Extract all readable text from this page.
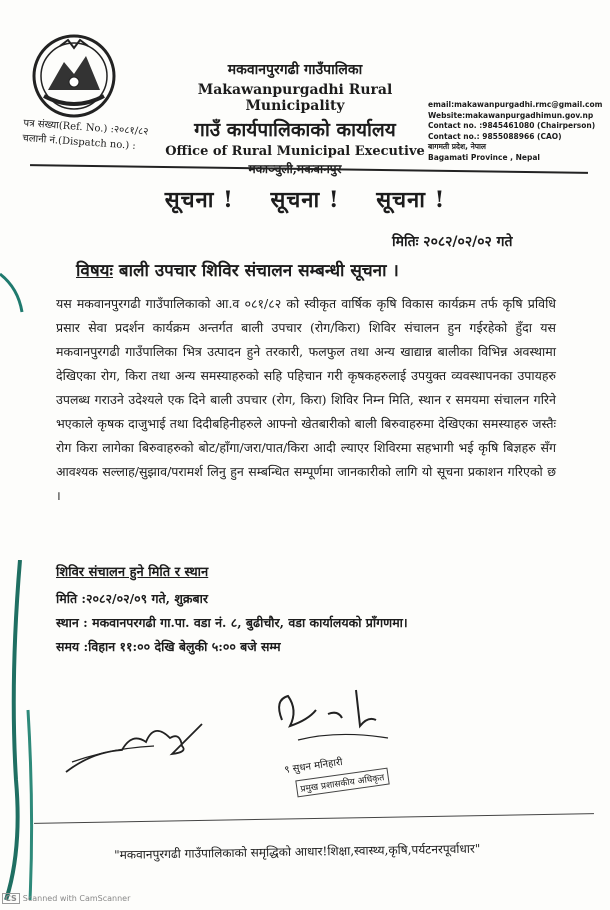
पत्र संख्या(Ref. No.) :२०८१/८२
चलानी नं.(Dispatch no.) :
मकवानपुरगढी गाउँपालिका
Makawanpurgadhi Rural Municipality
गाउँ कार्यपालिकाको कार्यालय
Office of Rural Municipal Executive
email:makawanpurgadhi.rmc@gmail.com
Website:makawanpurgadhimun.gov.np
Contact no. :9845461080 (Chairperson)
Contact no.: 9855088966 (CAO)
बागमती प्रदेश, नेपाल
Bagamati Province , Nepal
सूचना ! सूचना ! सूचना !
मितिः २०८२/०२/०२ गते
विषयः बाली उपचार शिविर संचालन सम्बन्धी सूचना ।
यस मकवानपुरगढी गाउँपालिकाको आ.व ०८१/८२ को स्वीकृत वार्षिक कृषि विकास कार्यक्रम तर्फ कृषि प्रविधि प्रसार सेवा प्रदर्शन कार्यक्रम अन्तर्गत बाली उपचार (रोग/किरा) शिविर संचालन हुन गईरहेको हुँदा यस मकवानपुरगढी गाउँपालिका भित्र उत्पादन हुने तरकारी, फलफुल तथा अन्य खाद्यान्न बालीका विभिन्न अवस्थामा देखिएका रोग, किरा तथा अन्य समस्याहरुको सहि पहिचान गरी कृषकहरुलाई उपयुक्त व्यवस्थापनका उपायहरु उपलब्ध गराउने उदेश्यले एक दिने बाली उपचार (रोग, किरा) शिविर निम्न मिति, स्थान र समयमा संचालन गरिने भएकाले कृषक दाजुभाई तथा दिदीबहिनीहरुले आफ्नो खेतबारीको बाली बिरुवाहरुमा देखिएका समस्याहरु जस्तैः रोग किरा लागेका बिरुवाहरुको बोट/हाँगा/जरा/पात/किरा आदी ल्याएर शिविरमा सहभागी भई कृषि बिज्ञहरु सँग आवश्यक सल्लाह/सुझाव/परामर्श लिनु हुन सम्बन्धित सम्पूर्णमा जानकारीको लागि यो सूचना प्रकाशन गरिएको छ ।
शिविर संचालन हुने मिति र स्थान
मिति :२०८२/०२/०९ गते, शुक्रबार
स्थान : मकवानपरगढी गा.पा. वडा नं. ८, बुढीचौर, वडा कार्यालयको प्राँगणमा।
समय :विहान ११:०० देखि बेलुकी ५:०० बजे सम्म
९ सुधन मनिहारी
प्रमुख प्रशासकीय अधिकृत
"मकवानपुरगढी गाउँपालिकाको समृद्धिको आधार!शिक्षा,स्वास्थ्य,कृषि,पर्यटनरपूर्वाधार"
CS Scanned with CamScanner
